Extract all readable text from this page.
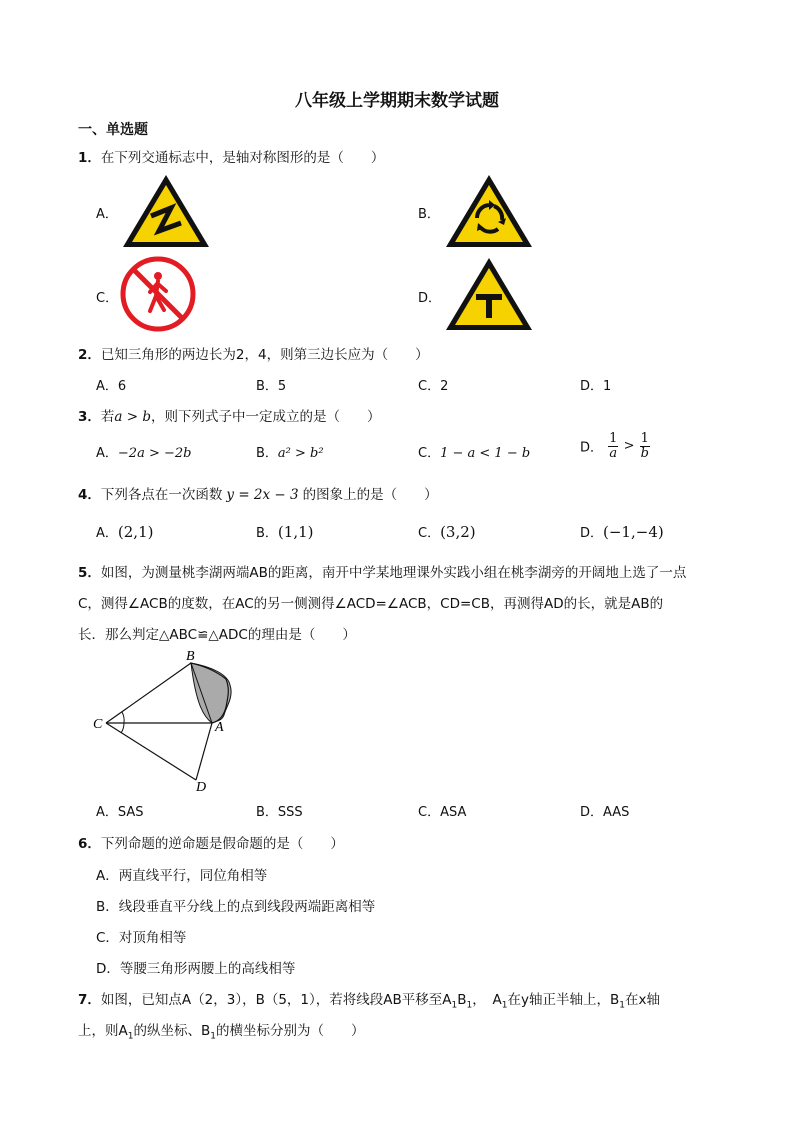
八年级上学期期末数学试题
一、单选题
1．在下列交通标志中，是轴对称图形的是（　　）
A．	B．
C．	D．
2．已知三角形的两边长为2，4，则第三边长应为（　　）
A．6	B．5	C．2	D．1
3．若a > b，则下列式子中一定成立的是（　　）
A．−2a > −2b	B．a² > b²	C．1 − a < 1 − b	D． $\frac{1}{a} > \frac{1}{b}$
4．下列各点在一次函数 y = 2x − 3 的图象上的是（　　）
A．(2,1)	B．(1,1)	C．(3,2)	D．(−1,−4)
5．如图，为测量桃李湖两端AB的距离，南开中学某地理课外实践小组在桃李湖旁的开阔地上选了一点
C，测得∠ACB的度数，在AC的另一侧测得∠ACD=∠ACB，CD=CB，再测得AD的长，就是AB的
长．那么判定△ABC≌△ADC的理由是（　　）
B
C	A
D
A．SAS	B．SSS	C．ASA	D．AAS
6．下列命题的逆命题是假命题的是（　　）
A．两直线平行，同位角相等
B．线段垂直平分线上的点到线段两端距离相等
C．对顶角相等
D．等腰三角形两腰上的高线相等
7．如图，已知点A（2，3），B（5，1），若将线段AB平移至$A_1B_1$，　$A_1$在y轴正半轴上，$B_1$在x轴
上，则$A_1$的纵坐标、$B_1$的横坐标分别为（　　）
